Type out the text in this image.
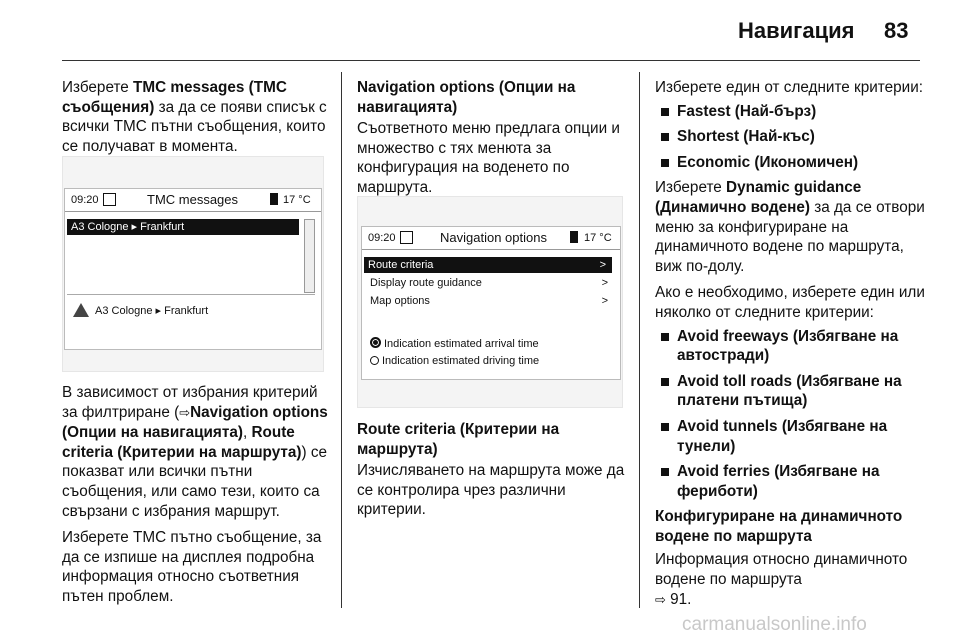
Навигация 83

Изберете TMC messages (TMC съобщения) за да се появи списък с всички TMC пътни съобщения, които се получават в момента.

09:20	TMC messages	17 °C
A3 Cologne ▸ Frankfurt
A3 Cologne ▸ Frankfurt

В зависимост от избрания критерий за филтриране (⇨Navigation options (Опции на навигацията), Route criteria (Критерии на маршрута)) се показват или всички пътни съобщения, или само тези, които са свързани с избрания маршрут.

Изберете TMC пътно съобщение, за да се изпише на дисплея подробна информация относно съответния пътен проблем.

Navigation options (Опции на навигацията)

Съответното меню предлага опции и множество с тях менюта за конфигурация на воденето по маршрута.

09:20	Navigation options	17 °C
Route criteria	>
Display route guidance	>
Map options	>
Indication estimated arrival time
Indication estimated driving time

Route criteria (Критерии на маршрута)

Изчисляването на маршрута може да се контролира чрез различни критерии.

Изберете един от следните критерии:

Fastest (Най-бърз)
Shortest (Най-къс)
Economic (Икономичен)

Изберете Dynamic guidance (Динамично водене) за да се отвори меню за конфигуриране на динамичното водене по маршрута, виж по-долу.

Ако е необходимо, изберете един или няколко от следните критерии:

Avoid freeways (Избягване на автостради)
Avoid toll roads (Избягване на платени пътища)
Avoid tunnels (Избягване на тунели)
Avoid ferries (Избягване на фериботи)

Конфигуриране на динамичното водене по маршрута

Информация относно динамичното водене по маршрута
⇨ 91.

carmanualsonline.info
